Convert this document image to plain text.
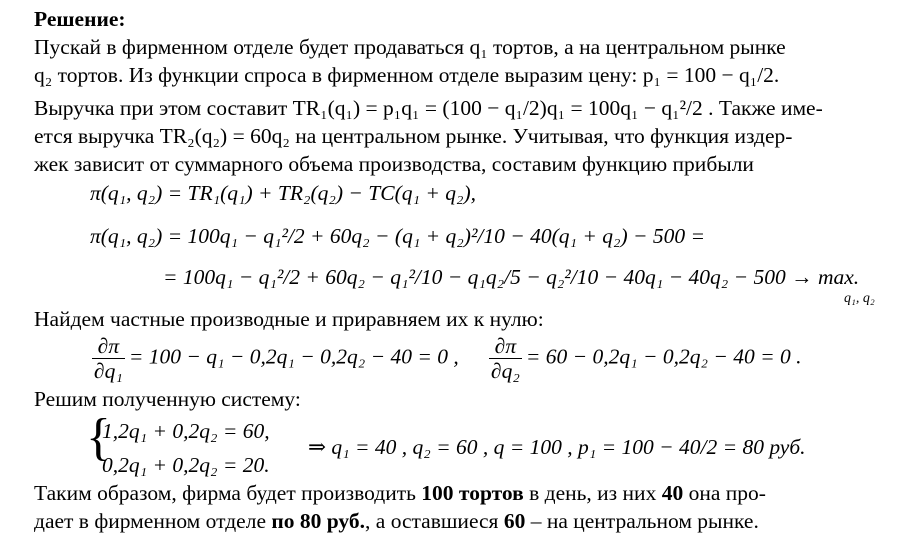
Решение:
Пускай в фирменном отделе будет продаваться q₁ тортов, а на центральном рынке
q₂ тортов. Из функции спроса в фирменном отделе выразим цену: p₁ = 100 − q₁/2.
Выручка при этом составит TR₁(q₁) = p₁q₁ = (100 − q₁/2)q₁ = 100q₁ − q₁²/2 . Также име-
ется выручка TR₂(q₂) = 60q₂ на центральном рынке. Учитывая, что функция издер-
жек зависит от суммарного объема производства, составим функцию прибыли
π(q₁, q₂) = TR₁(q₁) + TR₂(q₂) − TC(q₁ + q₂),
π(q₁, q₂) = 100q₁ − q₁²/2 + 60q₂ − (q₁ + q₂)²/10 − 40(q₁ + q₂) − 500 =
= 100q₁ − q₁²/2 + 60q₂ − q₁²/10 − q₁q₂/5 − q₂²/10 − 40q₁ − 40q₂ − 500 → max.
q₁, q₂
Найдем частные производные и приравняем их к нулю:
$\frac{\partial\pi}{\text{∂q₁}} = 100 - q_1 - 0,2q_1 - 0,2q_2 - 40 = 0$ , $\frac{\partial\pi}{\text{∂q₂}} = 60 - 0,2q_1 - 0,2q_2 - 40 = 0$ .
Решим полученную систему:
{
1,2q₁ + 0,2q₂ = 60,
0,2q₁ + 0,2q₂ = 20.
⇒ q₁ = 40 , q₂ = 60 , q = 100 , p₁ = 100 − 40/2 = 80 руб.
Таким образом, фирма будет производить 100 тортов в день, из них 40 она про-
дает в фирменном отделе по 80 руб., а оставшиеся 60 – на центральном рынке.
